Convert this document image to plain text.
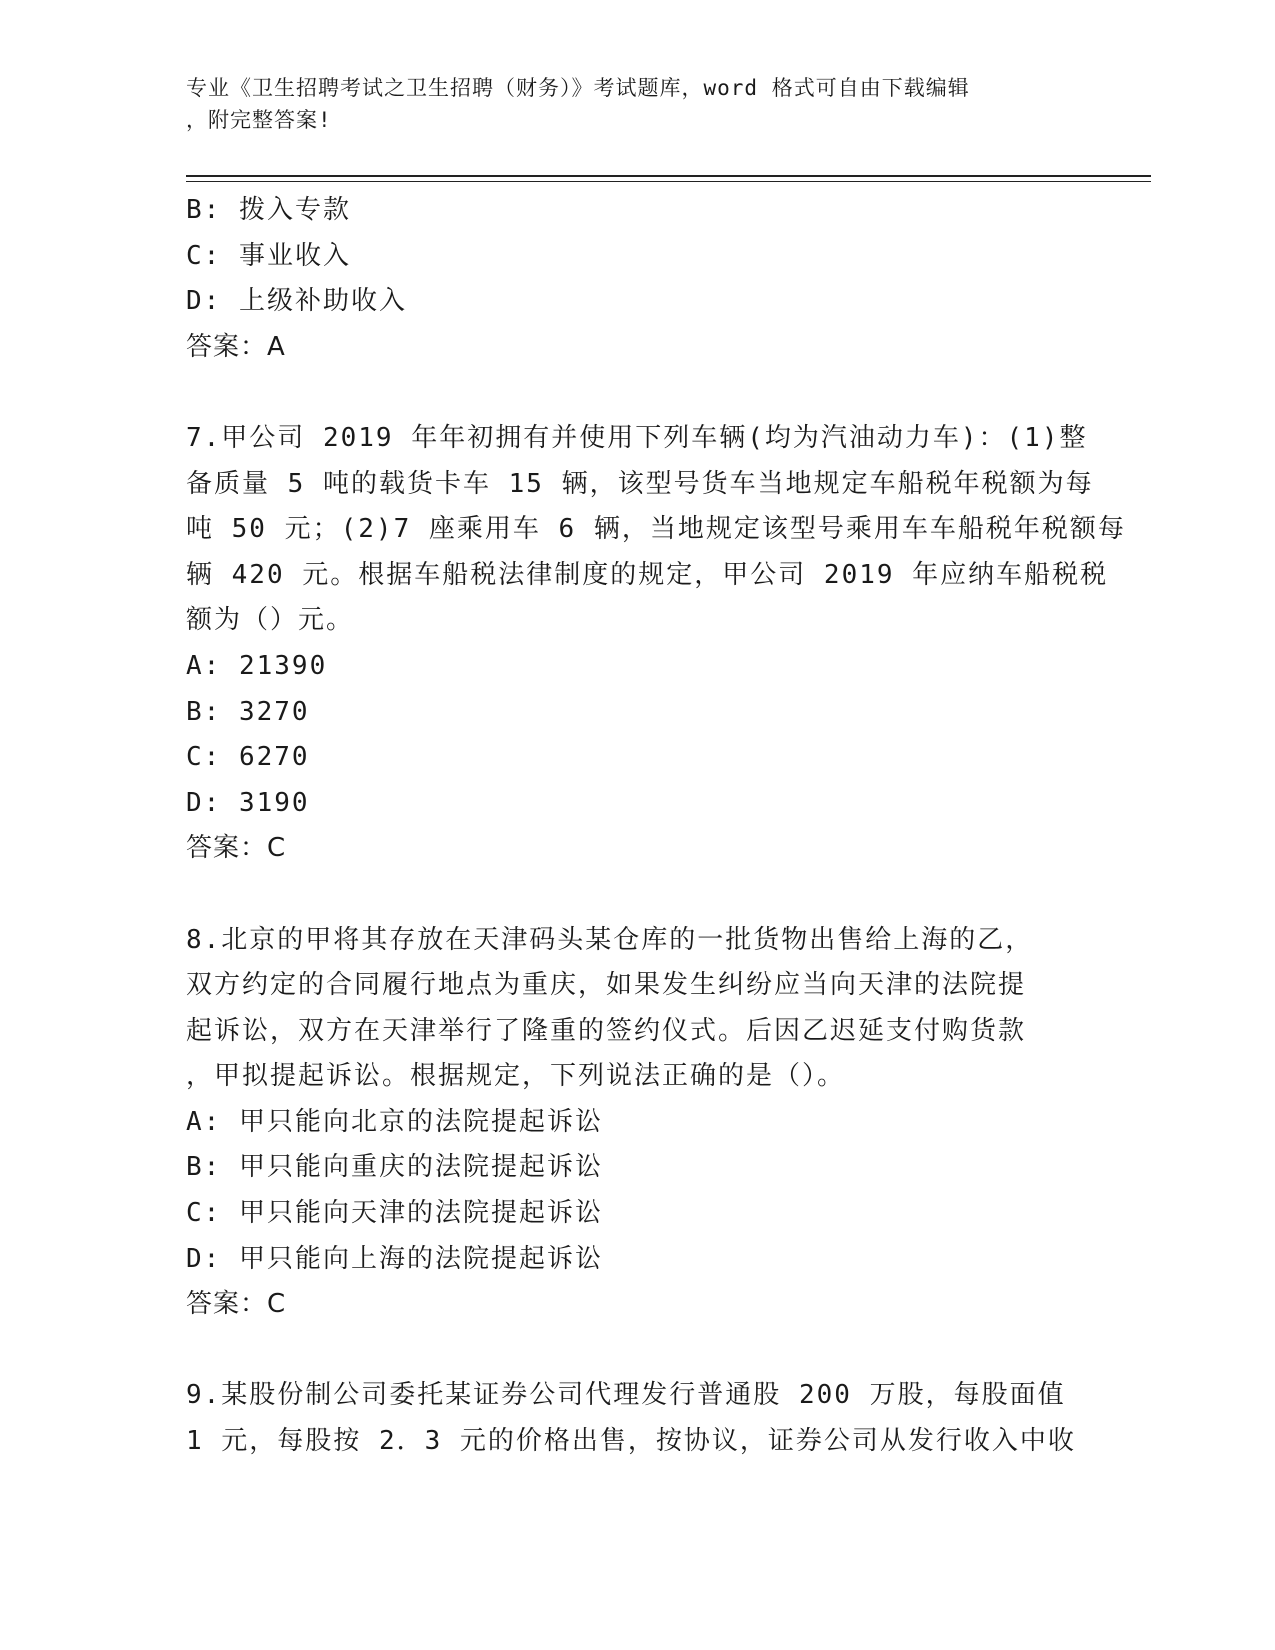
专业《卫生招聘考试之卫生招聘（财务）》考试题库，word 格式可自由下载编辑
，附完整答案!
B: 拨入专款
C: 事业收入
D: 上级补助收入
答案：A
7.甲公司 2019 年年初拥有并使用下列车辆(均为汽油动力车)：(1)整
备质量 5 吨的载货卡车 15 辆，该型号货车当地规定车船税年税额为每
吨 50 元；(2)7 座乘用车 6 辆，当地规定该型号乘用车车船税年税额每
辆 420 元。根据车船税法律制度的规定，甲公司 2019 年应纳车船税税
额为（）元。
A: 21390
B: 3270
C: 6270
D: 3190
答案：C
8.北京的甲将其存放在天津码头某仓库的一批货物出售给上海的乙，
双方约定的合同履行地点为重庆，如果发生纠纷应当向天津的法院提
起诉讼，双方在天津举行了隆重的签约仪式。后因乙迟延支付购货款
，甲拟提起诉讼。根据规定，下列说法正确的是（）。
A: 甲只能向北京的法院提起诉讼
B: 甲只能向重庆的法院提起诉讼
C: 甲只能向天津的法院提起诉讼
D: 甲只能向上海的法院提起诉讼
答案：C
9.某股份制公司委托某证券公司代理发行普通股 200 万股，每股面值
1 元，每股按 2．3 元的价格出售，按协议，证券公司从发行收入中收
